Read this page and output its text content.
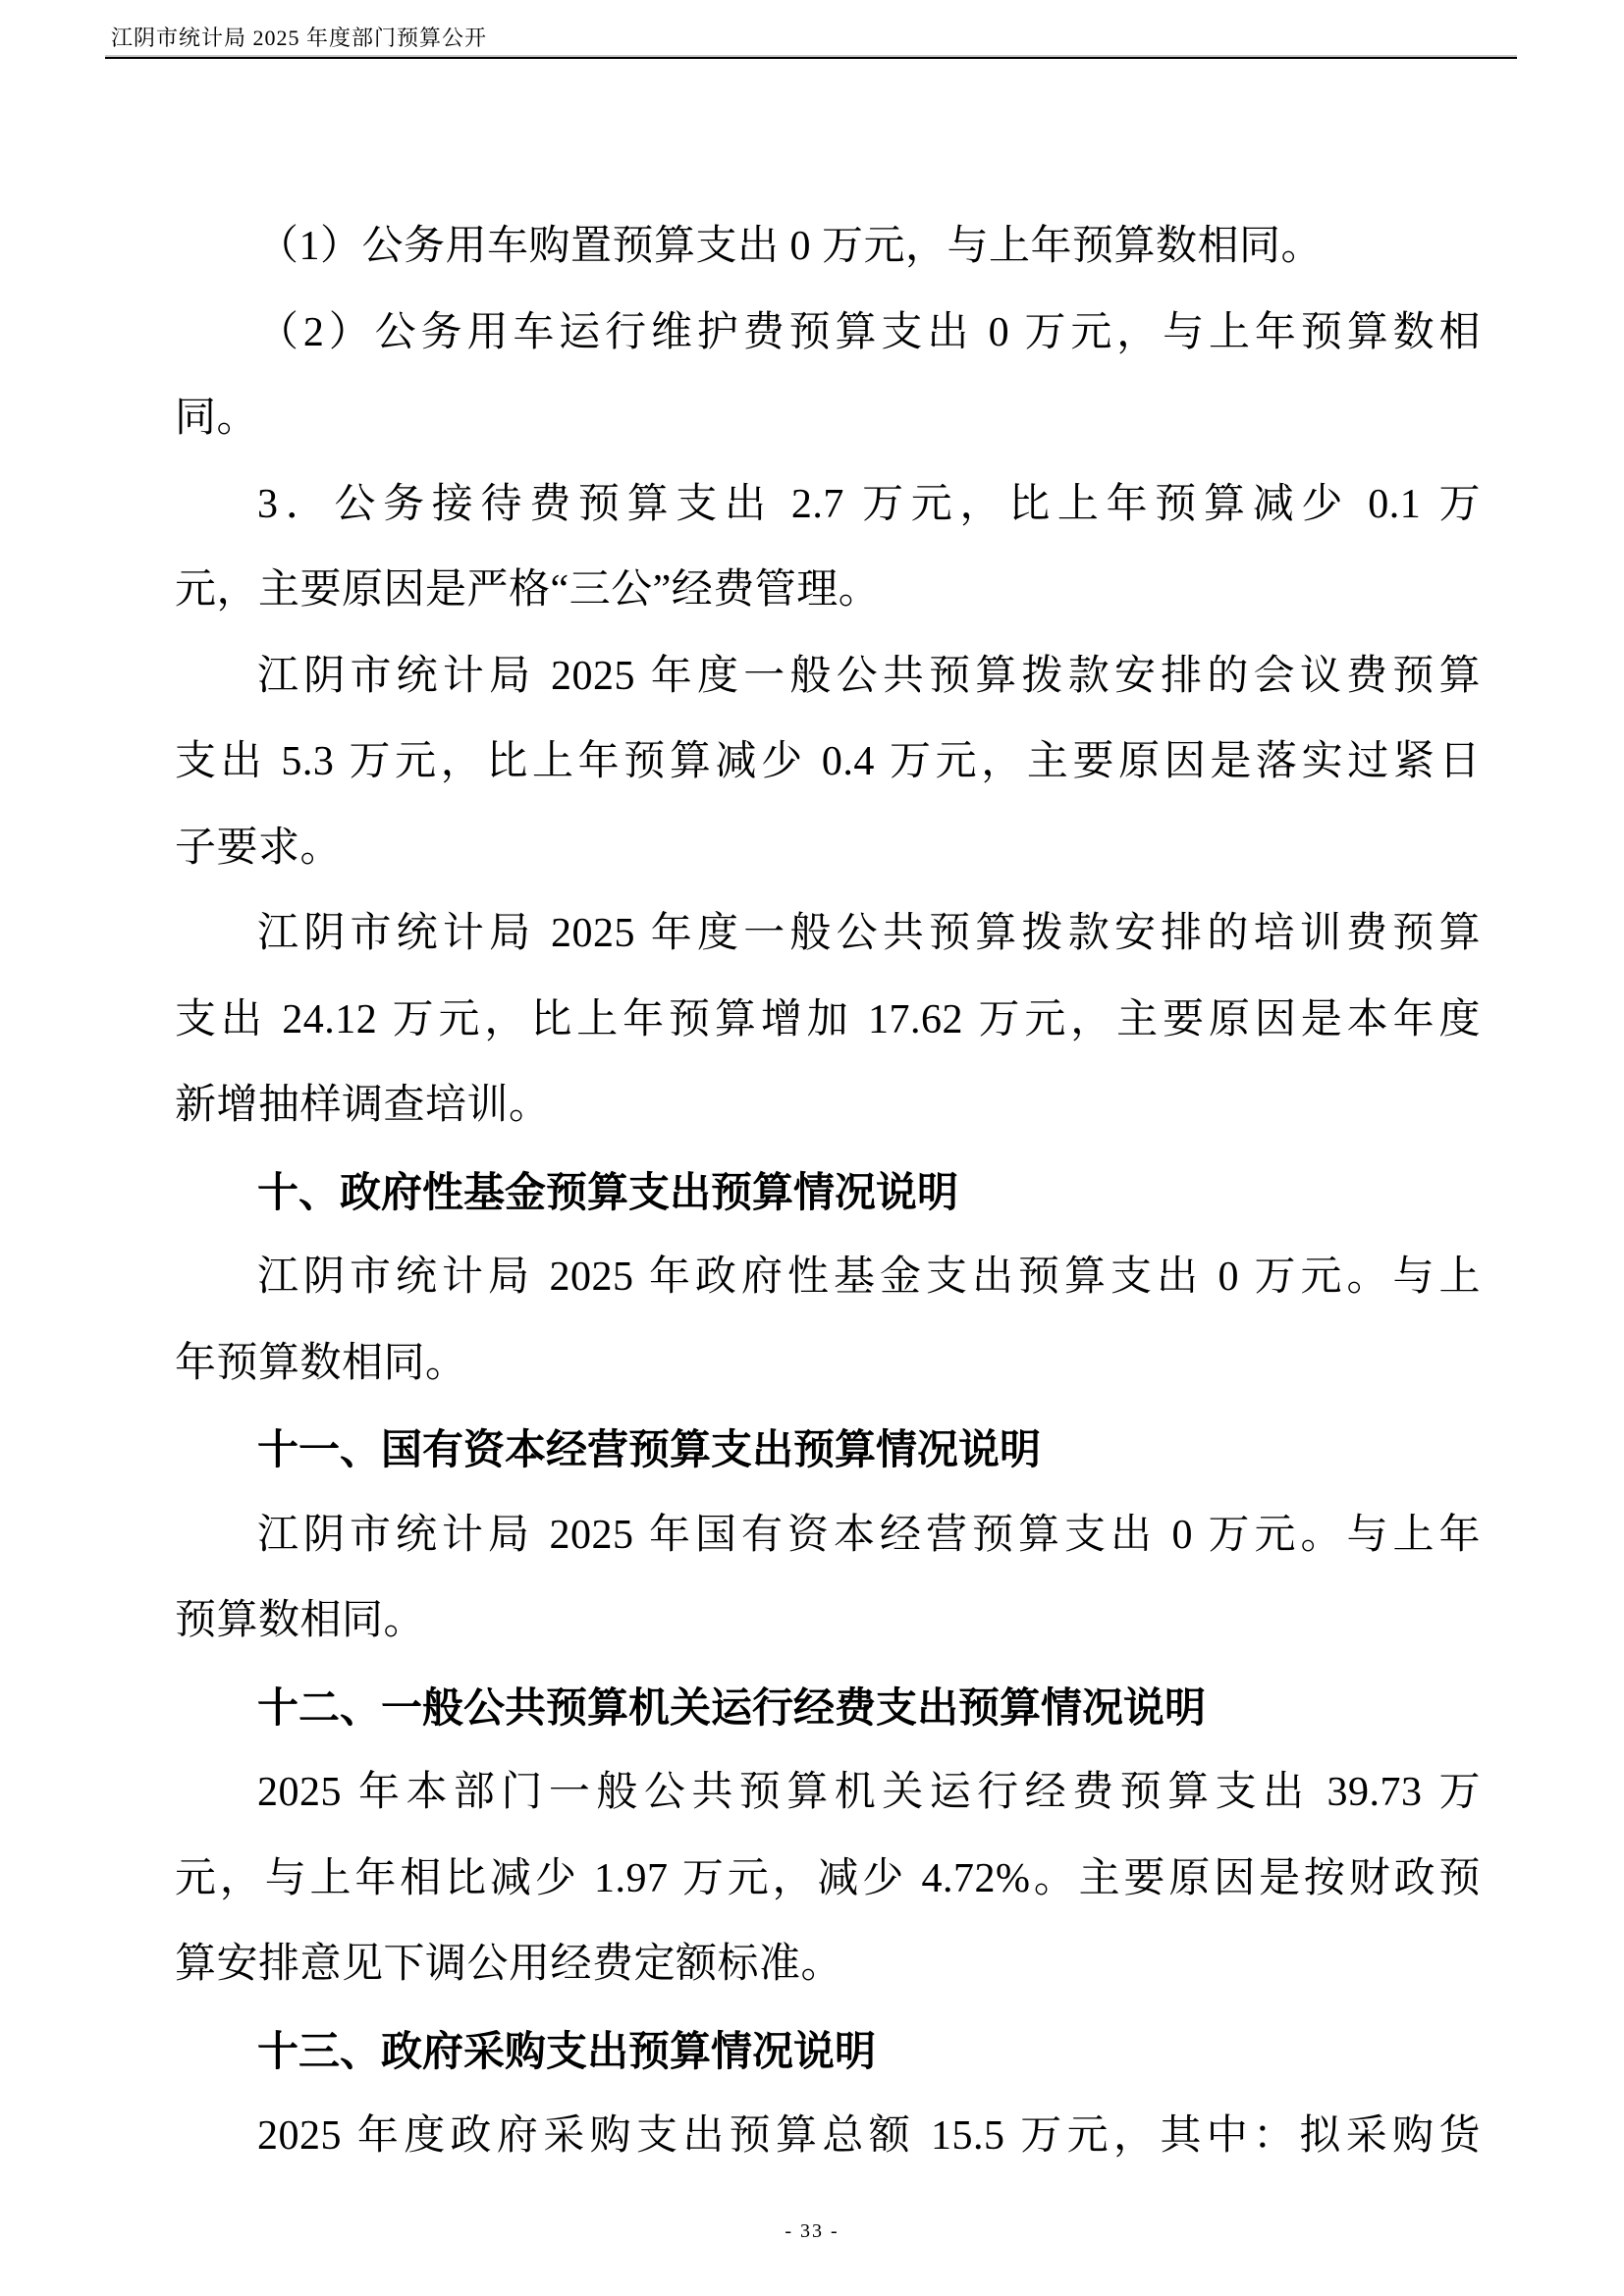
江阴市统计局 2025 年度部门预算公开
（1）公务用车购置预算支出 0 万元，与上年预算数相同。
（2）公务用车运行维护费预算支出 0 万元，与上年预算数相
同。
3．公务接待费预算支出 2.7 万元，比上年预算减少 0.1 万
元，主要原因是严格“三公”经费管理。
江阴市统计局 2025 年度一般公共预算拨款安排的会议费预算
支出 5.3 万元，比上年预算减少 0.4 万元，主要原因是落实过紧日
子要求。
江阴市统计局 2025 年度一般公共预算拨款安排的培训费预算
支出 24.12 万元，比上年预算增加 17.62 万元，主要原因是本年度
新增抽样调查培训。
十、政府性基金预算支出预算情况说明
江阴市统计局 2025 年政府性基金支出预算支出 0 万元。与上
年预算数相同。
十一、国有资本经营预算支出预算情况说明
江阴市统计局 2025 年国有资本经营预算支出 0 万元。与上年
预算数相同。
十二、一般公共预算机关运行经费支出预算情况说明
2025 年本部门一般公共预算机关运行经费预算支出 39.73 万
元，与上年相比减少 1.97 万元，减少 4.72%。主要原因是按财政预
算安排意见下调公用经费定额标准。
十三、政府采购支出预算情况说明
2025 年度政府采购支出预算总额 15.5 万元，其中：拟采购货
- 33 -
